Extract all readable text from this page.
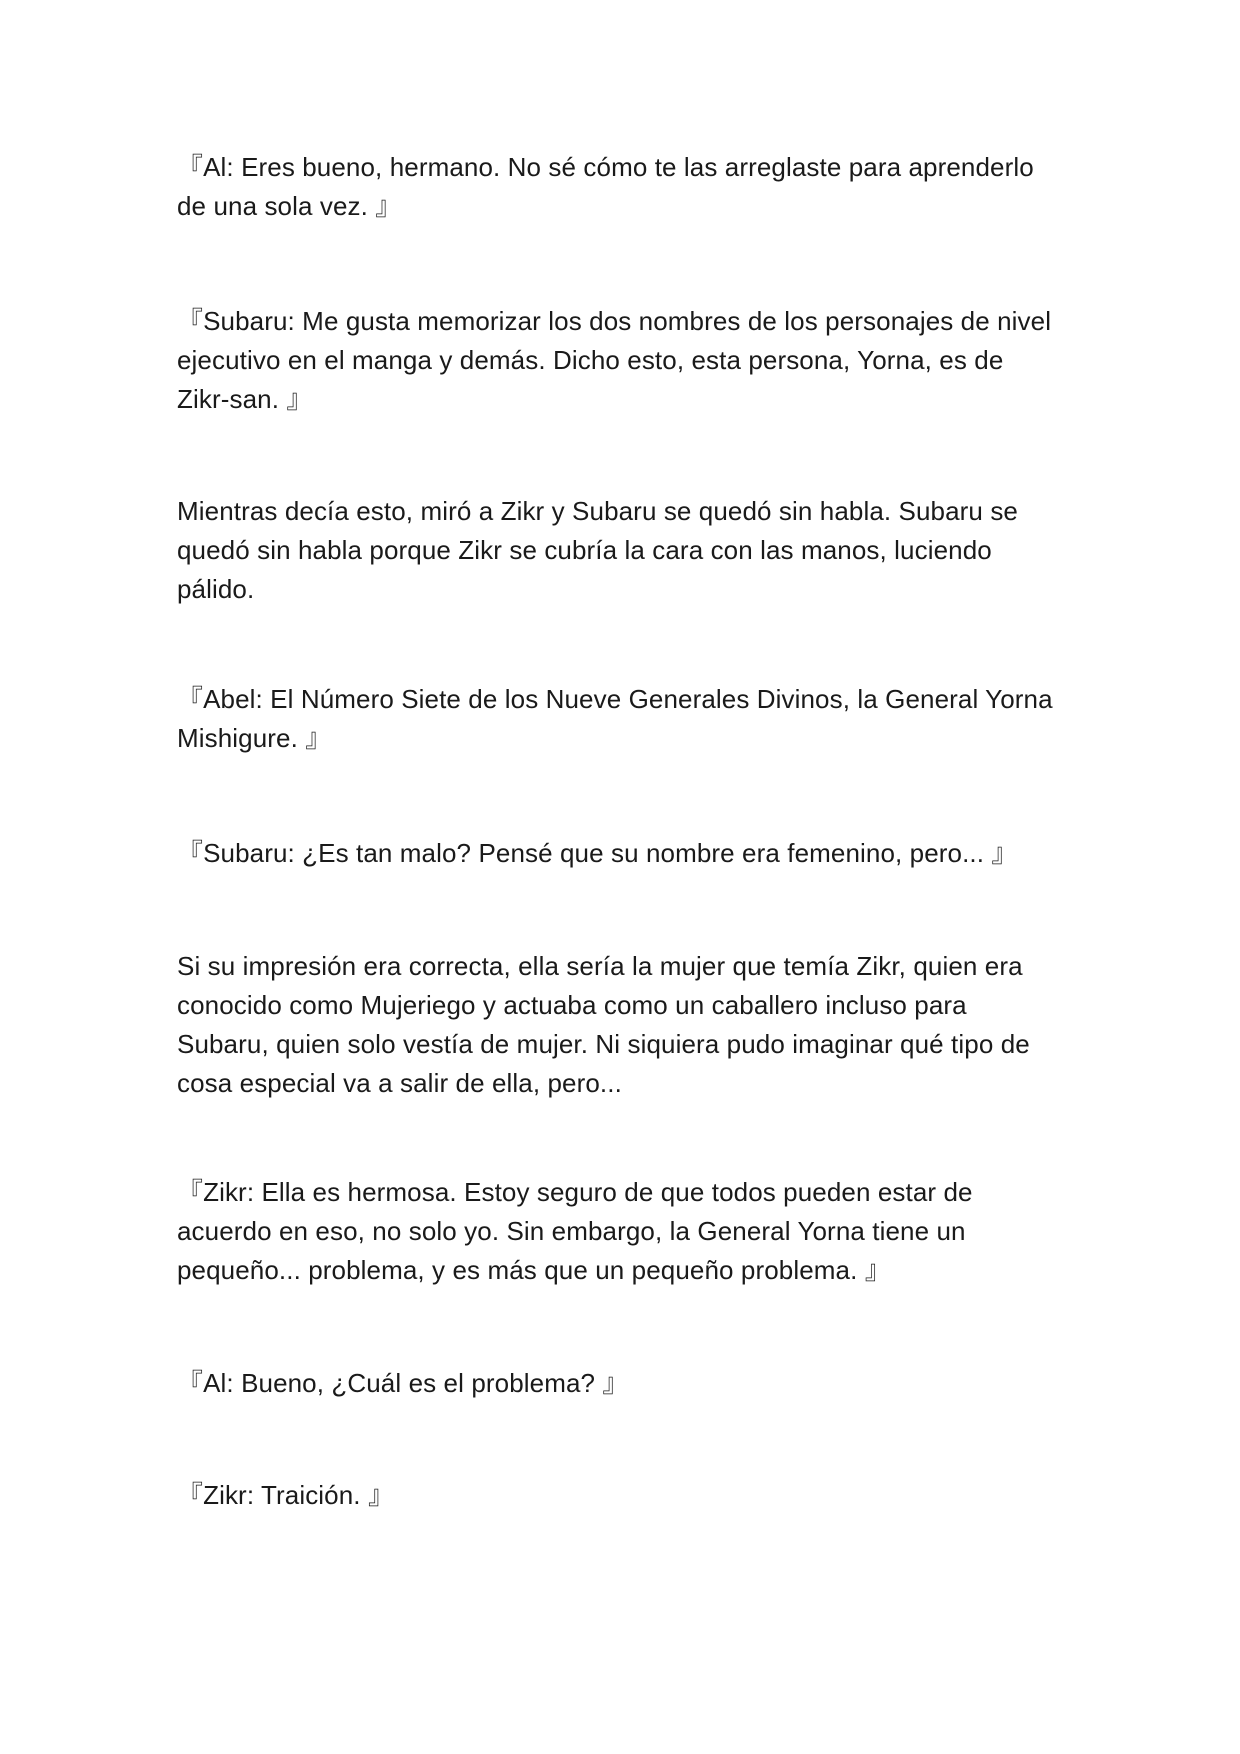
『Al: Eres bueno, hermano. No sé cómo te las arreglaste para aprenderlo
de una sola vez. 』

『Subaru: Me gusta memorizar los dos nombres de los personajes de nivel
ejecutivo en el manga y demás. Dicho esto, esta persona, Yorna, es de
Zikr-san. 』

Mientras decía esto, miró a Zikr y Subaru se quedó sin habla. Subaru se
quedó sin habla porque Zikr se cubría la cara con las manos, luciendo
pálido.

『Abel: El Número Siete de los Nueve Generales Divinos, la General Yorna
Mishigure. 』

『Subaru: ¿Es tan malo? Pensé que su nombre era femenino, pero... 』

Si su impresión era correcta, ella sería la mujer que temía Zikr, quien era
conocido como Mujeriego y actuaba como un caballero incluso para
Subaru, quien solo vestía de mujer. Ni siquiera pudo imaginar qué tipo de
cosa especial va a salir de ella, pero...

『Zikr: Ella es hermosa. Estoy seguro de que todos pueden estar de
acuerdo en eso, no solo yo. Sin embargo, la General Yorna tiene un
pequeño... problema, y es más que un pequeño problema. 』

『Al: Bueno, ¿Cuál es el problema? 』

『Zikr: Traición. 』
